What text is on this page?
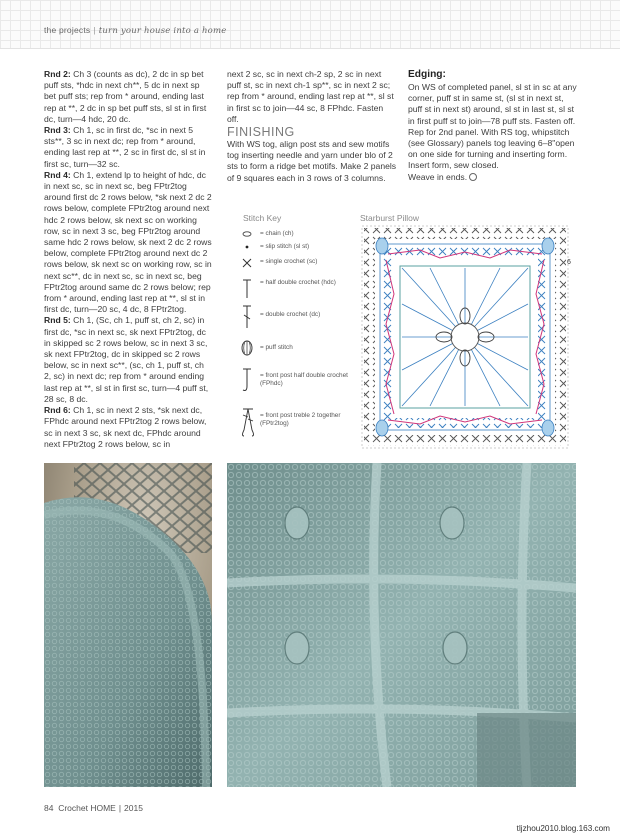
the projects | turn your house into a home

Rnd 2: Ch 3 (counts as dc), 2 dc in sp bet puff sts, *hdc in next ch**, 5 dc in next sp bet puff sts; rep from * around, ending last rep at **, 2 dc in sp bet puff sts, sl st in first dc, turn—4 hdc, 20 dc.

Rnd 3: Ch 1, sc in first dc, *sc in next 5 sts**, 3 sc in next dc; rep from * around, ending last rep at **, 2 sc in first dc, sl st in first sc, turn—32 sc.

Rnd 4: Ch 1, extend lp to height of hdc, dc in next sc, sc in next sc, beg FPtr2tog around first dc 2 rows below, *sk next 2 dc 2 rows below, complete FPtr2tog around next hdc 2 rows below, sk next sc on working row, sc in next 3 sc, beg FPtr2tog around same hdc 2 rows below, sk next 2 dc 2 rows below, complete FPtr2tog around next dc 2 rows below, sk next sc on working row, sc in next sc**, dc in next sc, sc in next sc, beg FPtr2tog around same dc 2 rows below; rep from * around, ending last rep at **, sl st in first dc, turn—20 sc, 4 dc, 8 FPtr2tog.

Rnd 5: Ch 1, (Sc, ch 1, puff st, ch 2, sc) in first dc, *sc in next sc, sk next FPtr2tog, dc in skipped sc 2 rows below, sc in next 3 sc, sk next FPtr2tog, dc in skipped sc 2 rows below, sc in next sc**, (sc, ch 1, puff st, ch 2, sc) in next dc; rep from * around ending last rep at **, sl st in first sc, turn—4 puff st, 28 sc, 8 dc.

Rnd 6: Ch 1, sc in next 2 sts, *sk next dc, FPhdc around next FPtr2tog 2 rows below, sc in next 3 sc, sk next dc, FPhdc around next FPtr2tog 2 rows below, sc in

next 2 sc, sc in next ch-2 sp, 2 sc in next puff st, sc in next ch-1 sp**, sc in next 2 sc; rep from * around, ending last rep at **, sl st in first sc to join—44 sc, 8 FPhdc. Fasten off.

FINISHING

With WS tog, align post sts and sew motifs tog inserting needle and yarn under blo of 2 sts to form a ridge bet motifs. Make 2 panels of 9 squares each in 3 rows of 3 columns.

Edging:

On WS of completed panel, sl st in sc at any corner, puff st in same st, (sl st in next st, puff st in next st) around, sl st in last st, sl st in first puff st to join—78 puff sts. Fasten off. Rep for 2nd panel. With RS tog, whipstitch (see Glossary) panels tog leaving 6–8"open on one side for turning and inserting form. Insert form, sew closed.

Weave in ends.

Stitch Key
= chain (ch)
= slip stitch (sl st)
= single crochet (sc)
= half double crochet (hdc)
= double crochet (dc)
= puff stitch
= front post half double crochet (FPhdc)
= front post treble 2 together (FPtr2tog)
Starburst Pillow
6
84 Crochet HOME | 2015
tljzhou2010.blog.163.com
